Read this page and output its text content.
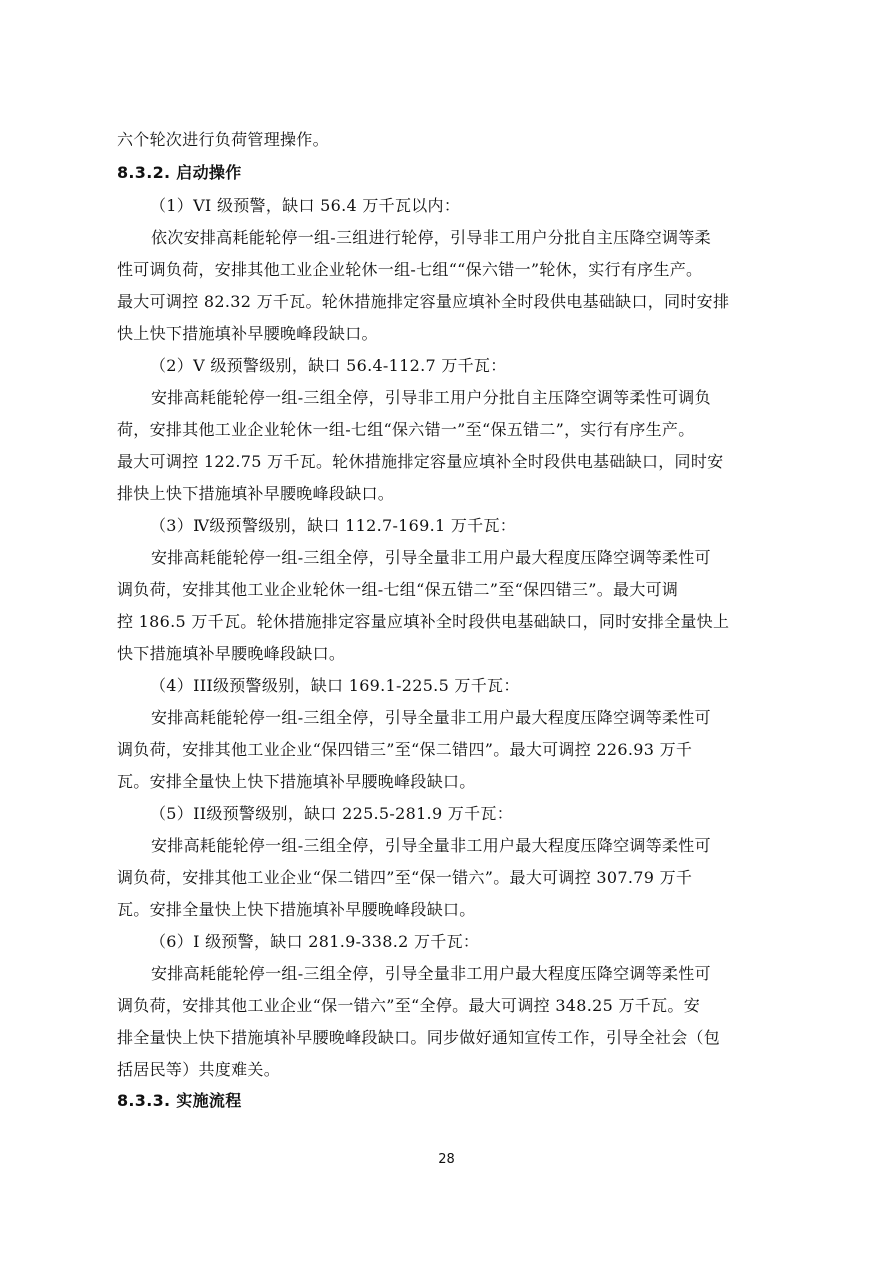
六个轮次进行负荷管理操作。
8.3.2. 启动操作
（1）VI 级预警，缺口 56.4 万千瓦以内：
依次安排高耗能轮停一组-三组进行轮停，引导非工用户分批自主压降空调等柔
性可调负荷，安排其他工业企业轮休一组-七组““保六错一”轮休，实行有序生产。
最大可调控 82.32 万千瓦。轮休措施排定容量应填补全时段供电基础缺口，同时安排
快上快下措施填补早腰晚峰段缺口。
（2）V 级预警级别，缺口 56.4-112.7 万千瓦：
安排高耗能轮停一组-三组全停，引导非工用户分批自主压降空调等柔性可调负
荷，安排其他工业企业轮休一组-七组“保六错一”至“保五错二”，实行有序生产。
最大可调控 122.75 万千瓦。轮休措施排定容量应填补全时段供电基础缺口，同时安
排快上快下措施填补早腰晚峰段缺口。
（3）Ⅳ级预警级别，缺口 112.7-169.1 万千瓦：
安排高耗能轮停一组-三组全停，引导全量非工用户最大程度压降空调等柔性可
调负荷，安排其他工业企业轮休一组-七组“保五错二”至“保四错三”。最大可调
控 186.5 万千瓦。轮休措施排定容量应填补全时段供电基础缺口，同时安排全量快上
快下措施填补早腰晚峰段缺口。
（4）III级预警级别，缺口 169.1-225.5 万千瓦：
安排高耗能轮停一组-三组全停，引导全量非工用户最大程度压降空调等柔性可
调负荷，安排其他工业企业“保四错三”至“保二错四”。最大可调控 226.93 万千
瓦。安排全量快上快下措施填补早腰晚峰段缺口。
（5）II级预警级别，缺口 225.5-281.9 万千瓦：
安排高耗能轮停一组-三组全停，引导全量非工用户最大程度压降空调等柔性可
调负荷，安排其他工业企业“保二错四”至“保一错六”。最大可调控 307.79 万千
瓦。安排全量快上快下措施填补早腰晚峰段缺口。
（6）I 级预警，缺口 281.9-338.2 万千瓦：
安排高耗能轮停一组-三组全停，引导全量非工用户最大程度压降空调等柔性可
调负荷，安排其他工业企业“保一错六”至“全停。最大可调控 348.25 万千瓦。安
排全量快上快下措施填补早腰晚峰段缺口。同步做好通知宣传工作，引导全社会（包
括居民等）共度难关。
8.3.3. 实施流程
28
